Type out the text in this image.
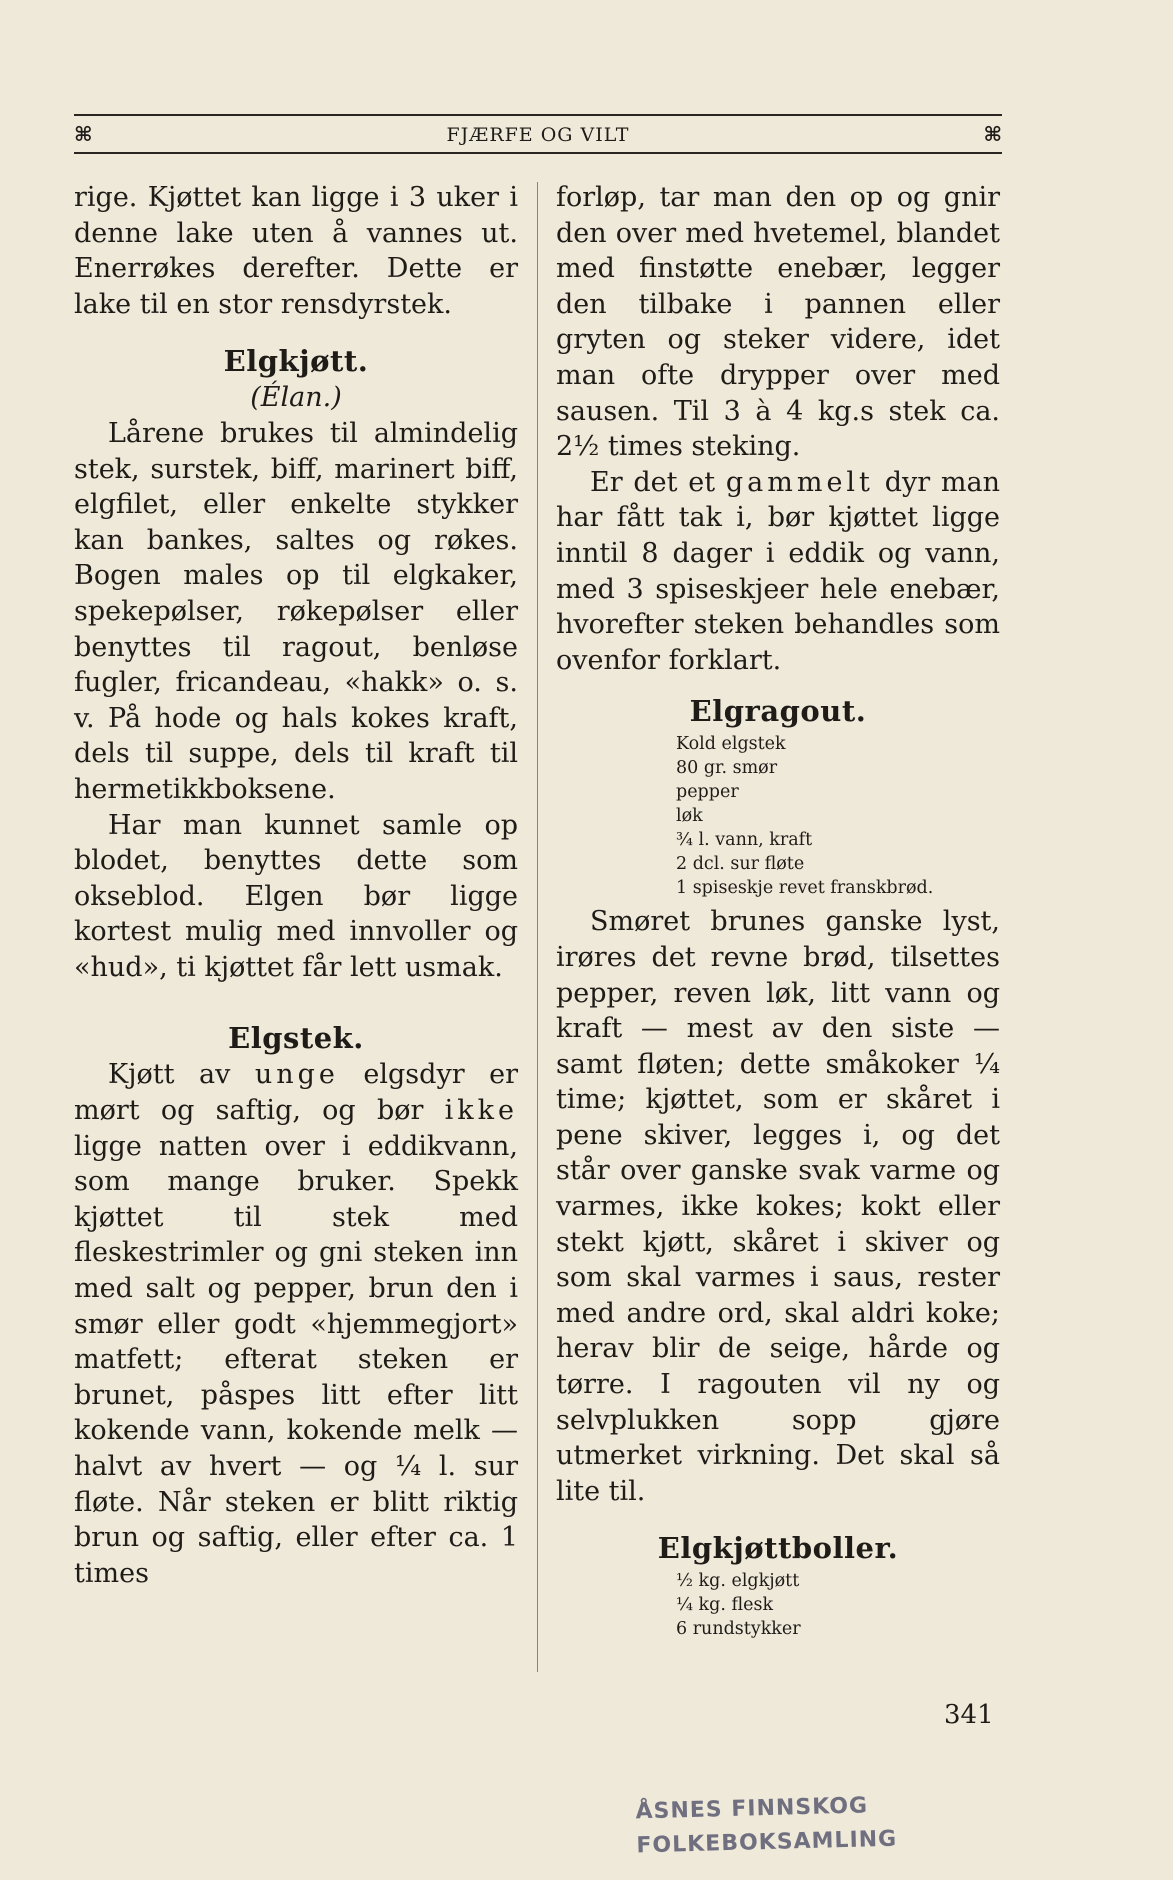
⌘	FJÆRFE OG VILT	⌘

rige. Kjøttet kan ligge i 3 uker i denne lake uten å vannes ut. Enerrøkes derefter. Dette er lake til en stor rensdyrstek.

Elgkjøtt.
(Élan.)

Lårene brukes til almindelig stek, surstek, biff, marinert biff, elgfilet, eller enkelte stykker kan bankes, saltes og røkes. Bogen males op til elgkaker, spekepølser, røkepølser eller benyttes til ragout, benløse fugler, fricandeau, «hakk» o. s. v. På hode og hals kokes kraft, dels til suppe, dels til kraft til hermetikkboksene.

Har man kunnet samle op blodet, benyttes dette som okseblod. Elgen bør ligge kortest mulig med innvoller og «hud», ti kjøttet får lett usmak.

Elgstek.

Kjøtt av unge elgsdyr er mørt og saftig, og bør ikke ligge natten over i eddikvann, som mange bruker. Spekk kjøttet til stek med fleskestrimler og gni steken inn med salt og pepper, brun den i smør eller godt «hjemmegjort» matfett; efterat steken er brunet, påspes litt efter litt kokende vann, kokende melk — halvt av hvert — og ¼ l. sur fløte. Når steken er blitt riktig brun og saftig, eller efter ca. 1 times

forløp, tar man den op og gnir den over med hvetemel, blandet med finstøtte enebær, legger den tilbake i pannen eller gryten og steker videre, idet man ofte drypper over med sausen. Til 3 à 4 kg.s stek ca. 2½ times steking.

Er det et gammelt dyr man har fått tak i, bør kjøttet ligge inntil 8 dager i eddik og vann, med 3 spiseskjeer hele enebær, hvorefter steken behandles som ovenfor forklart.

Elgragout.
Kold elgstek
80 gr. smør
pepper
løk
¾ l. vann, kraft
2 dcl. sur fløte
1 spiseskje revet franskbrød.

Smøret brunes ganske lyst, irøres det revne brød, tilsettes pepper, reven løk, litt vann og kraft — mest av den siste — samt fløten; dette småkoker ¼ time; kjøttet, som er skåret i pene skiver, legges i, og det står over ganske svak varme og varmes, ikke kokes; kokt eller stekt kjøtt, skåret i skiver og som skal varmes i saus, rester med andre ord, skal aldri koke; herav blir de seige, hårde og tørre. I ragouten vil ny og selvplukken sopp gjøre utmerket virkning. Det skal så lite til.

Elgkjøttboller.
½ kg. elgkjøtt
¼ kg. flesk
6 rundstykker
341
ÅSNES FINNSKOG
FOLKEBOKSAMLING
